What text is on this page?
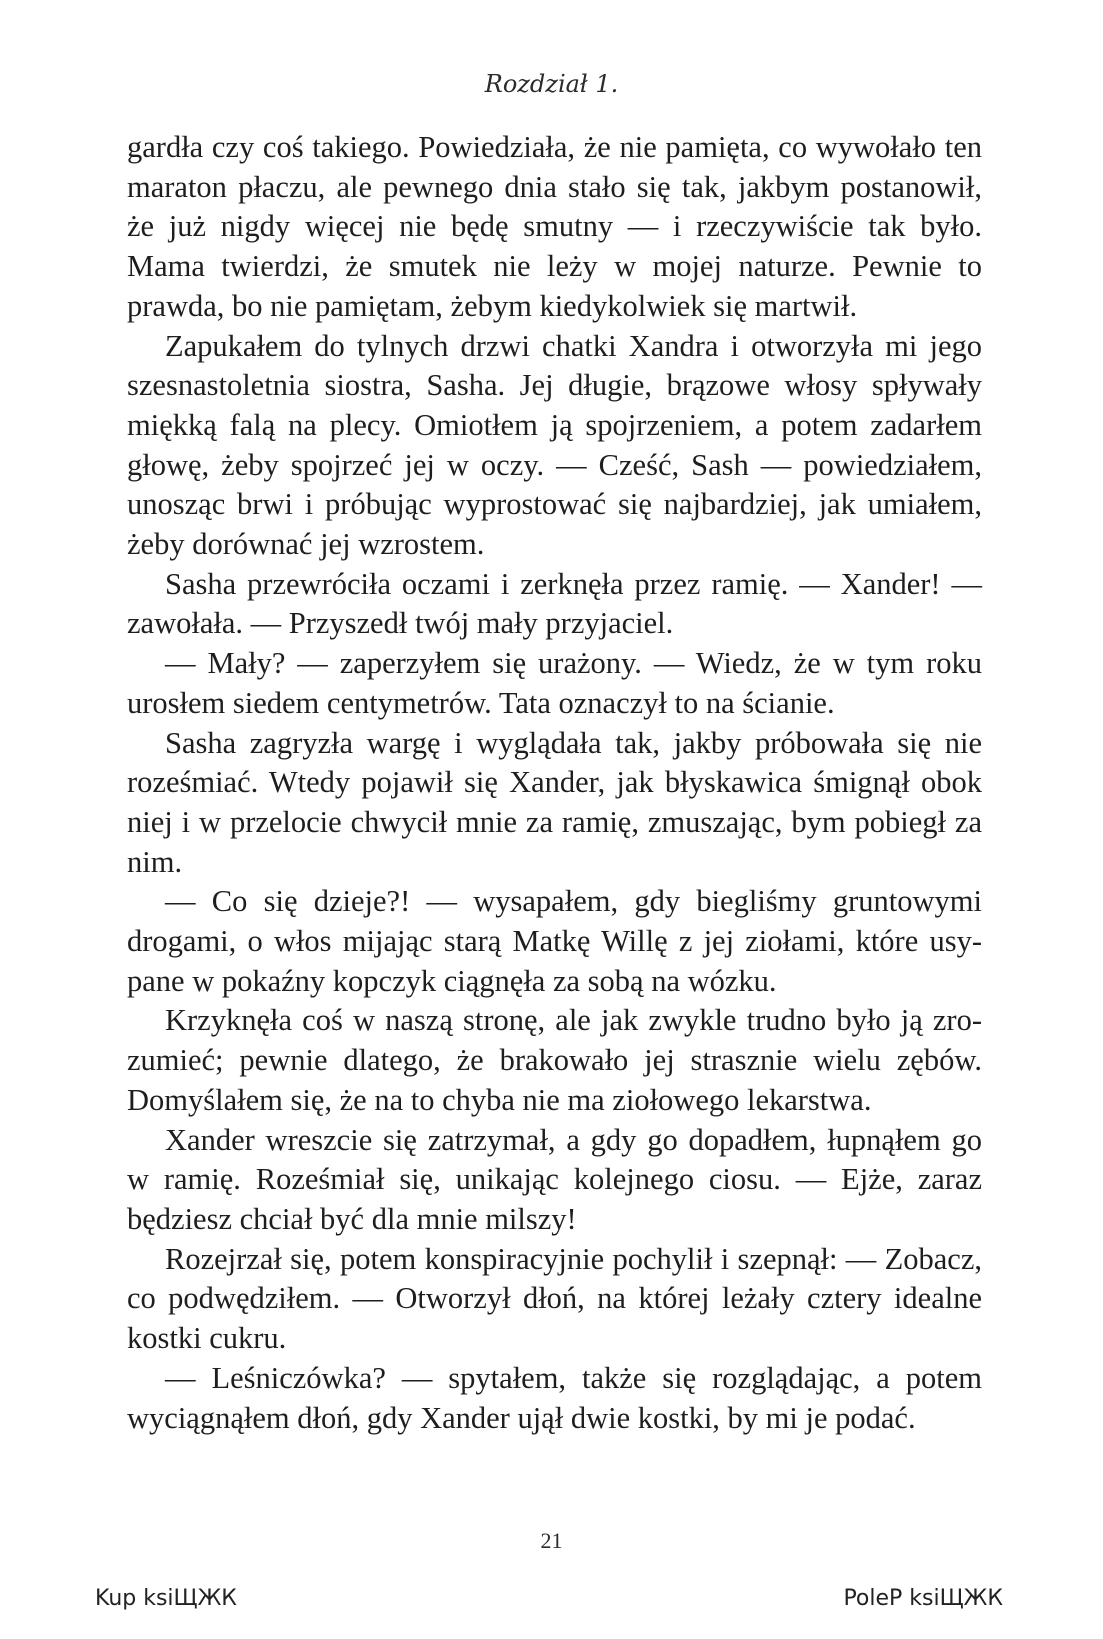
Rozdział 1.

gardła czy coś takiego. Powiedziała, że nie pamięta, co wywołało ten maraton płaczu, ale pewnego dnia stało się tak, jakbym postanowił, że już nigdy więcej nie będę smutny — i rzeczywiście tak było. Mama twierdzi, że smutek nie leży w mojej naturze. Pewnie to prawda, bo nie pamiętam, żebym kiedykolwiek się martwił.

Zapukałem do tylnych drzwi chatki Xandra i otworzyła mi jego szesnastoletnia siostra, Sasha. Jej długie, brązowe włosy spływały miękką falą na plecy. Omiotłem ją spojrzeniem, a potem zadarłem głowę, żeby spojrzeć jej w oczy. — Cześć, Sash — powiedziałem, unosząc brwi i próbując wyprostować się najbardziej, jak umiałem, żeby dorównać jej wzrostem.

Sasha przewróciła oczami i zerknęła przez ramię. — Xander! — zawołała. — Przyszedł twój mały przyjaciel.

— Mały? — zaperzyłem się urażony. — Wiedz, że w tym roku urosłem siedem centymetrów. Tata oznaczył to na ścianie.

Sasha zagryzła wargę i wyglądała tak, jakby próbowała się nie roześmiać. Wtedy pojawił się Xander, jak błyskawica śmignął obok niej i w przelocie chwycił mnie za ramię, zmuszając, bym pobiegł za nim.

— Co się dzieje?! — wysapałem, gdy biegliśmy gruntowymi drogami, o włos mijając starą Matkę Willę z jej ziołami, które usypane w pokaźny kopczyk ciągnęła za sobą na wózku.

Krzyknęła coś w naszą stronę, ale jak zwykle trudno było ją zrozumieć; pewnie dlatego, że brakowało jej strasznie wielu zębów. Domyślałem się, że na to chyba nie ma ziołowego lekarstwa.

Xander wreszcie się zatrzymał, a gdy go dopadłem, łupnąłem go w ramię. Roześmiał się, unikając kolejnego ciosu. — Ejże, zaraz będziesz chciał być dla mnie milszy!

Rozejrzał się, potem konspiracyjnie pochylił i szepnął: — Zobacz, co podwędziłem. — Otworzył dłoń, na której leżały cztery idealne kostki cukru.

— Leśniczówka? — spytałem, także się rozglądając, a potem wyciągnąłem dłoń, gdy Xander ujął dwie kostki, by mi je podać.

21
Kup ksiЩЖК	PoleР ksiЩЖК
